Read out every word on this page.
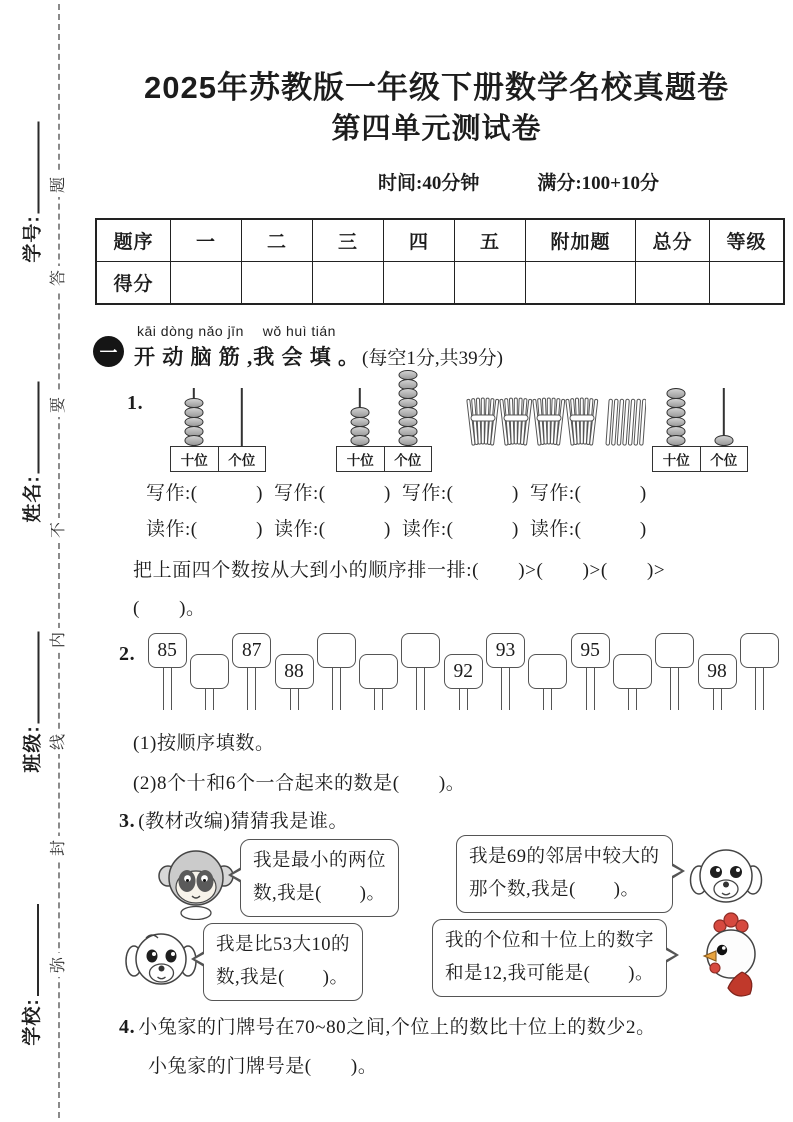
学号:
姓名:
班级:
学校:
题
答
要
不
内
线
封
弥
2025年苏教版一年级下册数学名校真题卷
第四单元测试卷
时间:40分钟	满分:100+10分
题序	一	二	三	四	五	附加题	总分	等级
得分
一
kāi dòng nǎo jīn　 wǒ huì tián
开 动 脑 筋 ,我 会 填 。 (每空1分,共39分)
1.
十位	个位	十位	个位	十位	个位
写作:(　　　) 写作:(　　　) 写作:(　　　) 写作:(　　　)
读作:(　　　) 读作:(　　　) 读作:(　　　) 读作:(　　　)
把上面四个数按从大到小的顺序排一排:(　　)>(　　)>(　　)>
(　　)。
2.	85	87
88	92
93	95
98
(1)按顺序填数。
(2)8个十和6个一合起来的数是(　　)。
3. (教材改编)猜猜我是谁。
我是最小的两位
数,我是(　　)。
我是69的邻居中较大的
那个数,我是(　　)。
我是比53大10的
数,我是(　　)。
我的个位和十位上的数字
和是12,我可能是(　　)。
4. 小兔家的门牌号在70~80之间,个位上的数比十位上的数少2。
小兔家的门牌号是(　　)。
